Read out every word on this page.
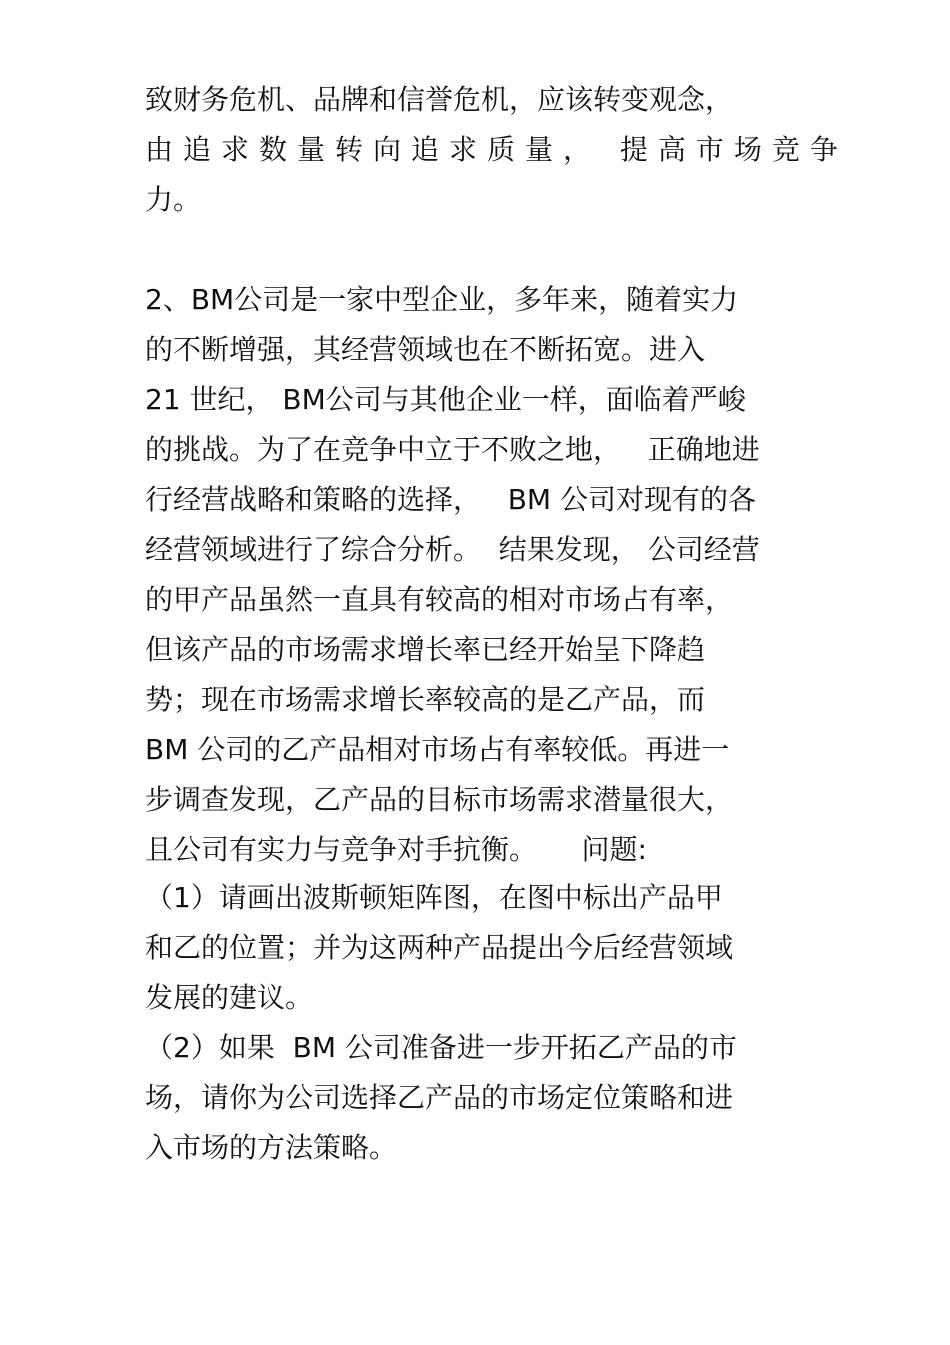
致财务危机、品牌和信誉危机，应该转变观念，
由追求数量转向追求质量， 提高市场竞争
力。
2、BM公司是一家中型企业，多年来，随着实力
的不断增强，其经营领域也在不断拓宽。进入
21 世纪， BM公司与其他企业一样，面临着严峻
的挑战。为了在竞争中立于不败之地，   正确地进
行经营战略和策略的选择，   BM 公司对现有的各
经营领域进行了综合分析。  结果发现， 公司经营
的甲产品虽然一直具有较高的相对市场占有率，
但该产品的市场需求增长率已经开始呈下降趋
势；现在市场需求增长率较高的是乙产品，而
BM 公司的乙产品相对市场占有率较低。再进一
步调查发现，乙产品的目标市场需求潜量很大，
且公司有实力与竞争对手抗衡。     问题:
（1）请画出波斯顿矩阵图，在图中标出产品甲
和乙的位置；并为这两种产品提出今后经营领域
发展的建议。
（2）如果  BM 公司准备进一步开拓乙产品的市
场，请你为公司选择乙产品的市场定位策略和进
入市场的方法策略。
